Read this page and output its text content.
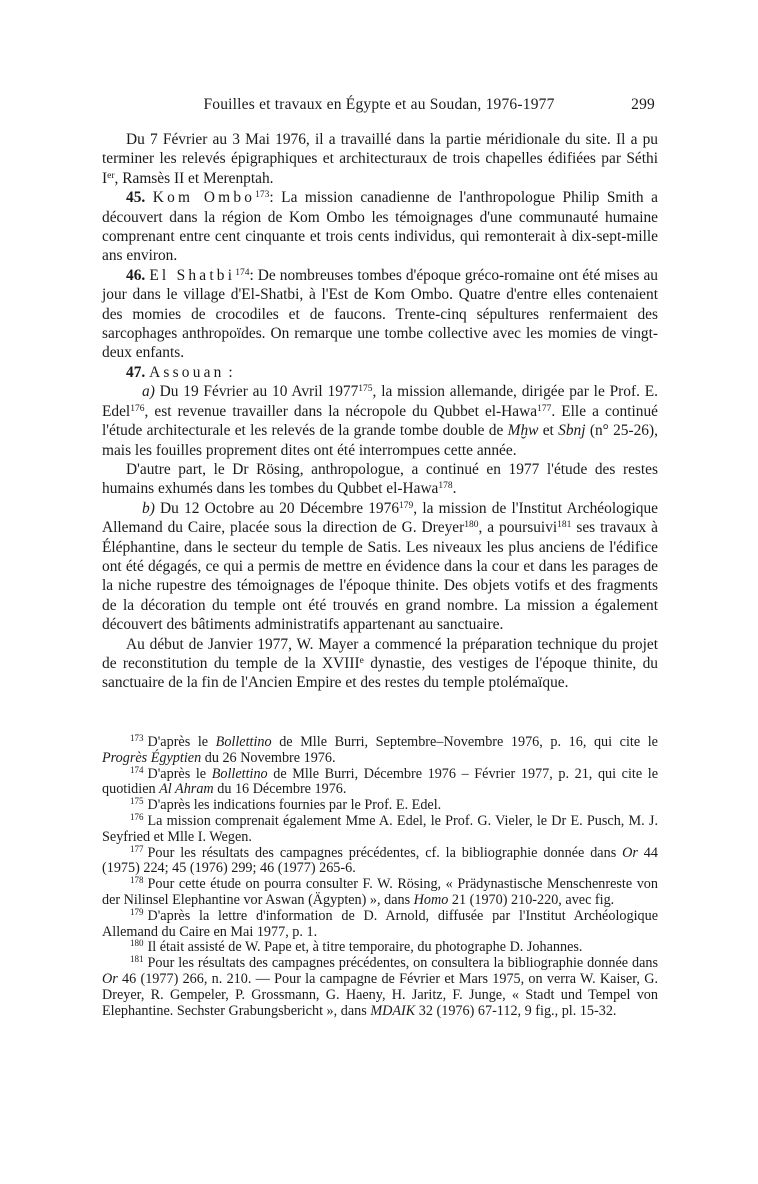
Fouilles et travaux en Égypte et au Soudan, 1976-1977	299

Du 7 Février au 3 Mai 1976, il a travaillé dans la partie méridionale du site. Il a pu terminer les relevés épigraphiques et architecturaux de trois chapelles édifiées par Séthi Ier, Ramsès II et Merenptah.

45. Kom Ombo$^{173}$: La mission canadienne de l'anthropologue Philip Smith a découvert dans la région de Kom Ombo les témoignages d'une communauté humaine comprenant entre cent cinquante et trois cents individus, qui remonterait à dix-sept-mille ans environ.

46. El Shatbi$^{174}$: De nombreuses tombes d'époque gréco-romaine ont été mises au jour dans le village d'El-Shatbi, à l'Est de Kom Ombo. Quatre d'entre elles contenaient des momies de crocodiles et de faucons. Trente-cinq sépultures renfermaient des sarcophages anthropoïdes. On remarque une tombe collective avec les momies de vingt-deux enfants.

47. Assouan :

a) Du 19 Février au 10 Avril 1977$^{175}$, la mission allemande, dirigée par le Prof. E. Edel$^{176}$, est revenue travailler dans la nécropole du Qubbet el-Hawa$^{177}$. Elle a continué l'étude architecturale et les relevés de la grande tombe double de Mḫw et Sbnj (n° 25-26), mais les fouilles proprement dites ont été interrompues cette année.

D'autre part, le Dr Rösing, anthropologue, a continué en 1977 l'étude des restes humains exhumés dans les tombes du Qubbet el-Hawa$^{178}$.

b) Du 12 Octobre au 20 Décembre 1976$^{179}$, la mission de l'Institut Archéologique Allemand du Caire, placée sous la direction de G. Dreyer$^{180}$, a poursuivi$^{181}$ ses travaux à Éléphantine, dans le secteur du temple de Satis. Les niveaux les plus anciens de l'édifice ont été dégagés, ce qui a permis de mettre en évidence dans la cour et dans les parages de la niche rupestre des témoignages de l'époque thinite. Des objets votifs et des fragments de la décoration du temple ont été trouvés en grand nombre. La mission a également découvert des bâtiments administratifs appartenant au sanctuaire.

Au début de Janvier 1977, W. Mayer a commencé la préparation technique du projet de reconstitution du temple de la XVIIIe dynastie, des vestiges de l'époque thinite, du sanctuaire de la fin de l'Ancien Empire et des restes du temple ptolémaïque.

$^{173}$ D'après le Bollettino de Mlle Burri, Septembre–Novembre 1976, p. 16, qui cite le Progrès Égyptien du 26 Novembre 1976.

$^{174}$ D'après le Bollettino de Mlle Burri, Décembre 1976 – Février 1977, p. 21, qui cite le quotidien Al Ahram du 16 Décembre 1976.

$^{175}$ D'après les indications fournies par le Prof. E. Edel.

$^{176}$ La mission comprenait également Mme A. Edel, le Prof. G. Vieler, le Dr E. Pusch, M. J. Seyfried et Mlle I. Wegen.

$^{177}$ Pour les résultats des campagnes précédentes, cf. la bibliographie donnée dans Or 44 (1975) 224; 45 (1976) 299; 46 (1977) 265-6.

$^{178}$ Pour cette étude on pourra consulter F. W. Rösing, « Prädynastische Menschenreste von der Nilinsel Elephantine vor Aswan (Ägypten) », dans Homo 21 (1970) 210-220, avec fig.

$^{179}$ D'après la lettre d'information de D. Arnold, diffusée par l'Institut Archéologique Allemand du Caire en Mai 1977, p. 1.

$^{180}$ Il était assisté de W. Pape et, à titre temporaire, du photographe D. Johannes.

$^{181}$ Pour les résultats des campagnes précédentes, on consultera la bibliographie donnée dans Or 46 (1977) 266, n. 210. — Pour la campagne de Février et Mars 1975, on verra W. Kaiser, G. Dreyer, R. Gempeler, P. Grossmann, G. Haeny, H. Jaritz, F. Junge, « Stadt und Tempel von Elephantine. Sechster Grabungsbericht », dans MDAIK 32 (1976) 67-112, 9 fig., pl. 15-32.
